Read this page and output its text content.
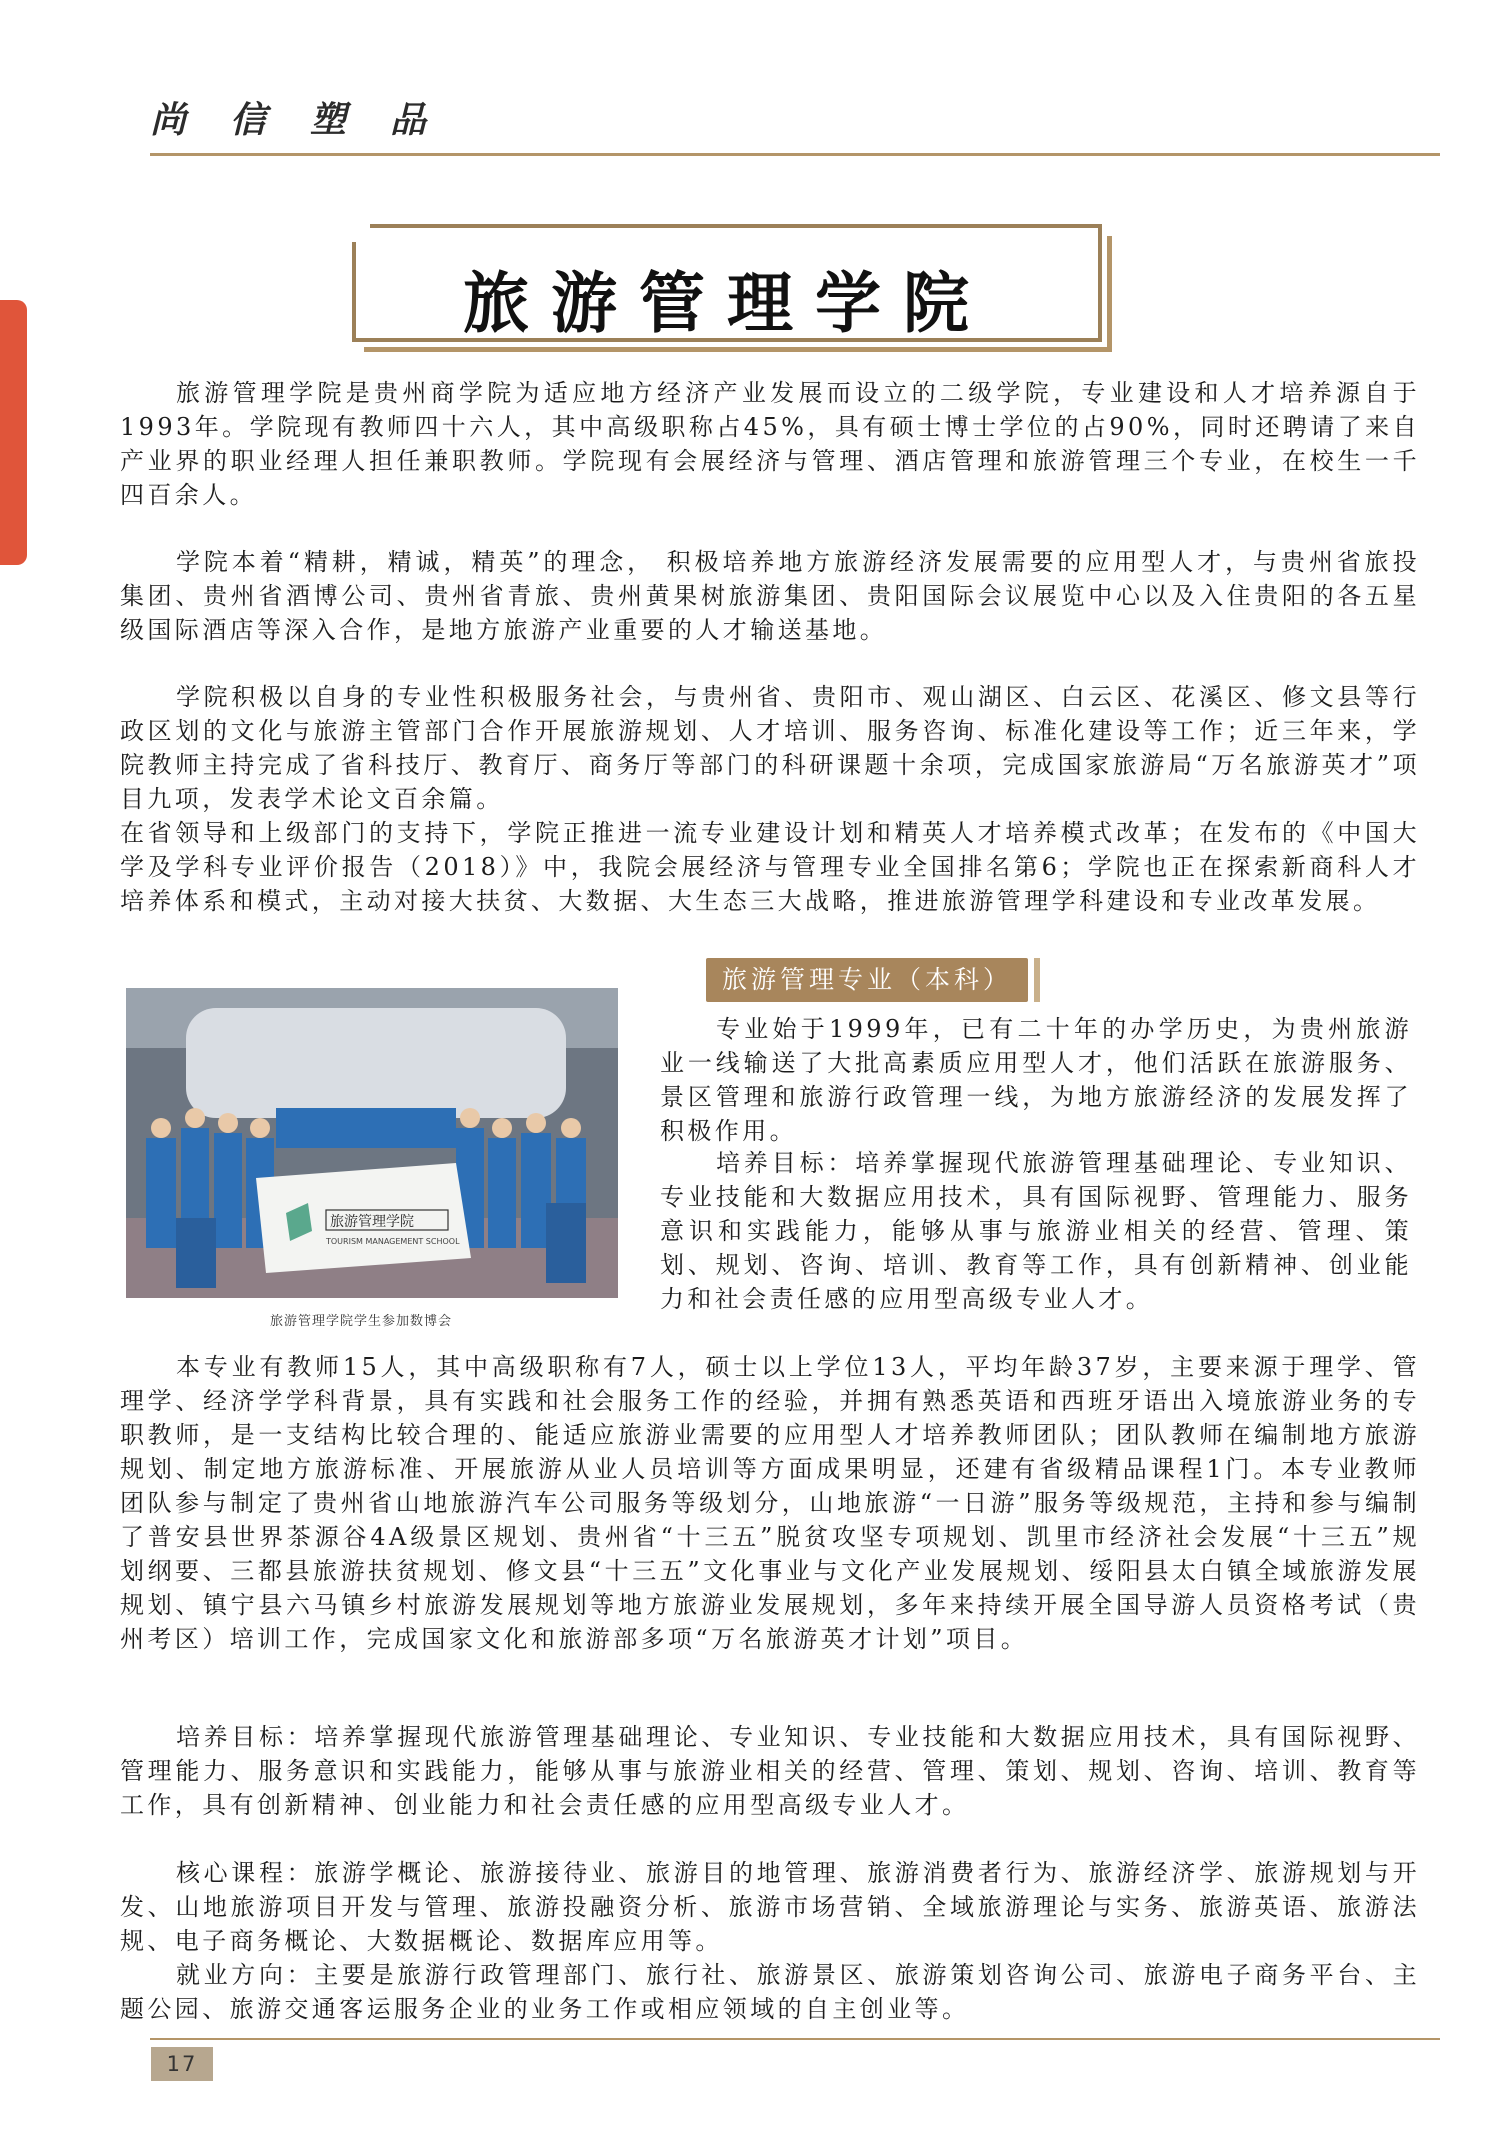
尚信塑品
旅游管理学院

旅游管理学院是贵州商学院为适应地方经济产业发展而设立的二级学院，专业建设和人才培养源自于1993年。学院现有教师四十六人，其中高级职称占45%，具有硕士博士学位的占90%，同时还聘请了来自产业界的职业经理人担任兼职教师。学院现有会展经济与管理、酒店管理和旅游管理三个专业，在校生一千四百余人。

学院本着“精耕，精诚，精英”的理念， 积极培养地方旅游经济发展需要的应用型人才，与贵州省旅投集团、贵州省酒博公司、贵州省青旅、贵州黄果树旅游集团、贵阳国际会议展览中心以及入住贵阳的各五星级国际酒店等深入合作，是地方旅游产业重要的人才输送基地。

学院积极以自身的专业性积极服务社会，与贵州省、贵阳市、观山湖区、白云区、花溪区、修文县等行政区划的文化与旅游主管部门合作开展旅游规划、人才培训、服务咨询、标准化建设等工作；近三年来，学院教师主持完成了省科技厅、教育厅、商务厅等部门的科研课题十余项，完成国家旅游局“万名旅游英才”项目九项，发表学术论文百余篇。

在省领导和上级部门的支持下，学院正推进一流专业建设计划和精英人才培养模式改革；在发布的《中国大学及学科专业评价报告（2018）》中，我院会展经济与管理专业全国排名第6；学院也正在探索新商科人才培养体系和模式，主动对接大扶贫、大数据、大生态三大战略，推进旅游管理学科建设和专业改革发展。

旅游管理学院
TOURISM MANAGEMENT SCHOOL
旅游管理学院学生参加数博会
旅游管理专业（本科）

专业始于1999年，已有二十年的办学历史，为贵州旅游业一线输送了大批高素质应用型人才，他们活跃在旅游服务、景区管理和旅游行政管理一线，为地方旅游经济的发展发挥了积极作用。

培养目标：培养掌握现代旅游管理基础理论、专业知识、专业技能和大数据应用技术，具有国际视野、管理能力、服务意识和实践能力，能够从事与旅游业相关的经营、管理、策划、规划、咨询、培训、教育等工作，具有创新精神、创业能力和社会责任感的应用型高级专业人才。

本专业有教师15人，其中高级职称有7人，硕士以上学位13人，平均年龄37岁，主要来源于理学、管理学、经济学学科背景，具有实践和社会服务工作的经验，并拥有熟悉英语和西班牙语出入境旅游业务的专职教师，是一支结构比较合理的、能适应旅游业需要的应用型人才培养教师团队；团队教师在编制地方旅游规划、制定地方旅游标准、开展旅游从业人员培训等方面成果明显，还建有省级精品课程1门。本专业教师团队参与制定了贵州省山地旅游汽车公司服务等级划分，山地旅游“一日游”服务等级规范，主持和参与编制了普安县世界茶源谷4A级景区规划、贵州省“十三五”脱贫攻坚专项规划、凯里市经济社会发展“十三五”规划纲要、三都县旅游扶贫规划、修文县“十三五”文化事业与文化产业发展规划、绥阳县太白镇全域旅游发展规划、镇宁县六马镇乡村旅游发展规划等地方旅游业发展规划，多年来持续开展全国导游人员资格考试（贵州考区）培训工作，完成国家文化和旅游部多项“万名旅游英才计划”项目。

培养目标：培养掌握现代旅游管理基础理论、专业知识、专业技能和大数据应用技术，具有国际视野、管理能力、服务意识和实践能力，能够从事与旅游业相关的经营、管理、策划、规划、咨询、培训、教育等工作，具有创新精神、创业能力和社会责任感的应用型高级专业人才。

核心课程：旅游学概论、旅游接待业、旅游目的地管理、旅游消费者行为、旅游经济学、旅游规划与开发、山地旅游项目开发与管理、旅游投融资分析、旅游市场营销、全域旅游理论与实务、旅游英语、旅游法规、电子商务概论、大数据概论、数据库应用等。

就业方向：主要是旅游行政管理部门、旅行社、旅游景区、旅游策划咨询公司、旅游电子商务平台、主题公园、旅游交通客运服务企业的业务工作或相应领域的自主创业等。

17
